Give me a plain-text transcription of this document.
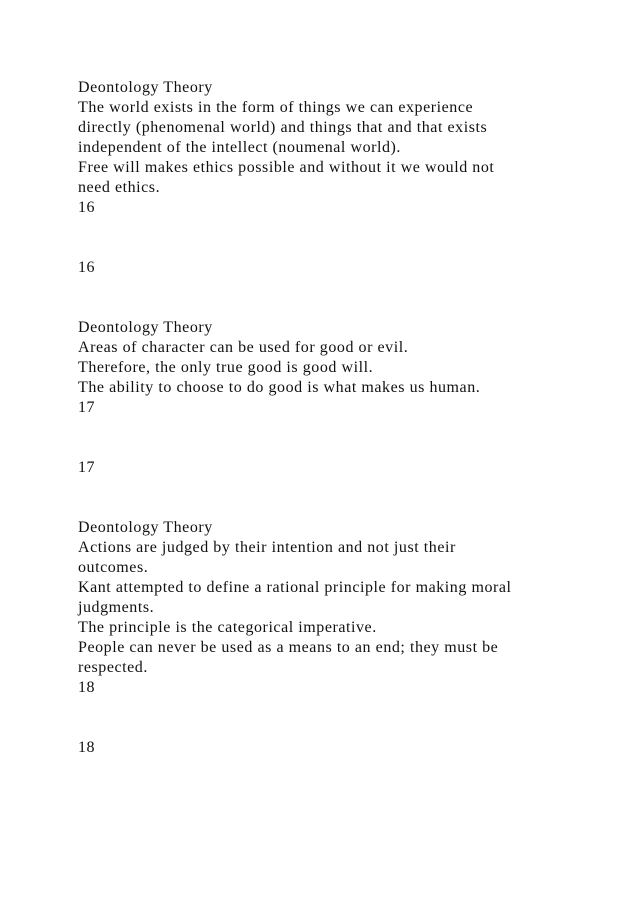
Deontology Theory

The world exists in the form of things we can experience

directly (phenomenal world) and things that and that exists

independent of the intellect (noumenal world).

Free will makes ethics possible and without it we would not

need ethics.

16

16

Deontology Theory

Areas of character can be used for good or evil.

Therefore, the only true good is good will.

The ability to choose to do good is what makes us human.

17

17

Deontology Theory

Actions are judged by their intention and not just their

outcomes.

Kant attempted to define a rational principle for making moral

judgments.

The principle is the categorical imperative.

People can never be used as a means to an end; they must be

respected.

18

18
